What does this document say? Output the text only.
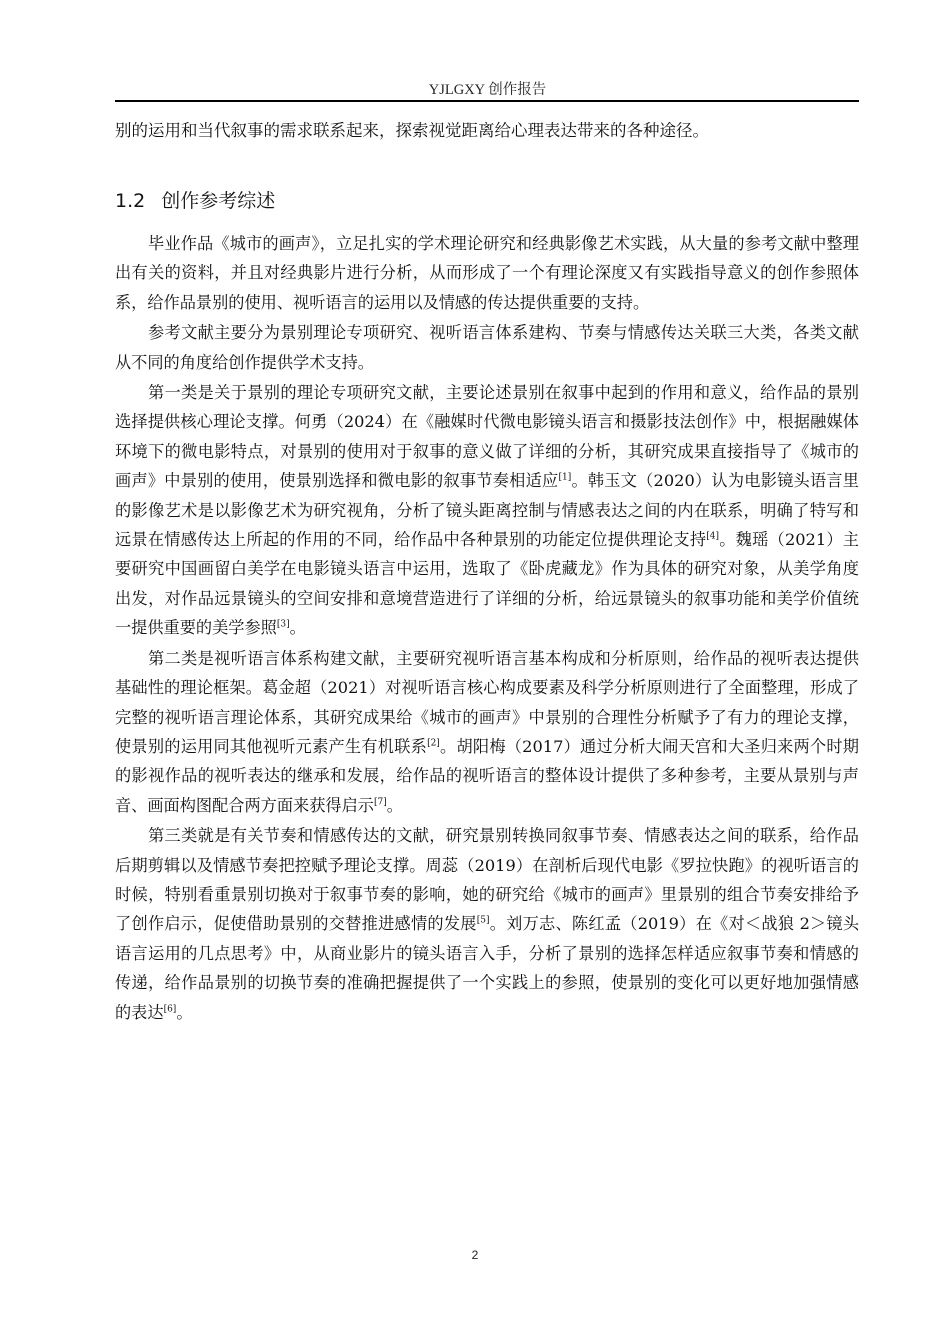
YJLGXY 创作报告

别的运用和当代叙事的需求联系起来，探索视觉距离给心理表达带来的各种途径。

1.2 创作参考综述

毕业作品《城市的画声》，立足扎实的学术理论研究和经典影像艺术实践，从大量的参考文献中整理出有关的资料，并且对经典影片进行分析，从而形成了一个有理论深度又有实践指导意义的创作参照体系，给作品景别的使用、视听语言的运用以及情感的传达提供重要的支持。

参考文献主要分为景别理论专项研究、视听语言体系建构、节奏与情感传达关联三大类，各类文献从不同的角度给创作提供学术支持。

第一类是关于景别的理论专项研究文献，主要论述景别在叙事中起到的作用和意义，给作品的景别选择提供核心理论支撑。何勇（2024）在《融媒时代微电影镜头语言和摄影技法创作》中，根据融媒体环境下的微电影特点，对景别的使用对于叙事的意义做了详细的分析，其研究成果直接指导了《城市的画声》中景别的使用，使景别选择和微电影的叙事节奏相适应[1]。韩玉文（2020）认为电影镜头语言里的影像艺术是以影像艺术为研究视角，分析了镜头距离控制与情感表达之间的内在联系，明确了特写和远景在情感传达上所起的作用的不同，给作品中各种景别的功能定位提供理论支持[4]。魏瑶（2021）主要研究中国画留白美学在电影镜头语言中运用，选取了《卧虎藏龙》作为具体的研究对象，从美学角度出发，对作品远景镜头的空间安排和意境营造进行了详细的分析，给远景镜头的叙事功能和美学价值统一提供重要的美学参照[3]。

第二类是视听语言体系构建文献，主要研究视听语言基本构成和分析原则，给作品的视听表达提供基础性的理论框架。葛金超（2021）对视听语言核心构成要素及科学分析原则进行了全面整理，形成了完整的视听语言理论体系，其研究成果给《城市的画声》中景别的合理性分析赋予了有力的理论支撑，使景别的运用同其他视听元素产生有机联系[2]。胡阳梅（2017）通过分析大闹天宫和大圣归来两个时期的影视作品的视听表达的继承和发展，给作品的视听语言的整体设计提供了多种参考，主要从景别与声音、画面构图配合两方面来获得启示[7]。

第三类就是有关节奏和情感传达的文献，研究景别转换同叙事节奏、情感表达之间的联系，给作品后期剪辑以及情感节奏把控赋予理论支撑。周蕊（2019）在剖析后现代电影《罗拉快跑》的视听语言的时候，特别看重景别切换对于叙事节奏的影响，她的研究给《城市的画声》里景别的组合节奏安排给予了创作启示，促使借助景别的交替推进感情的发展[5]。刘万志、陈红孟（2019）在《对＜战狼 2＞镜头语言运用的几点思考》中，从商业影片的镜头语言入手，分析了景别的选择怎样适应叙事节奏和情感的传递，给作品景别的切换节奏的准确把握提供了一个实践上的参照，使景别的变化可以更好地加强情感的表达[6]。

2
